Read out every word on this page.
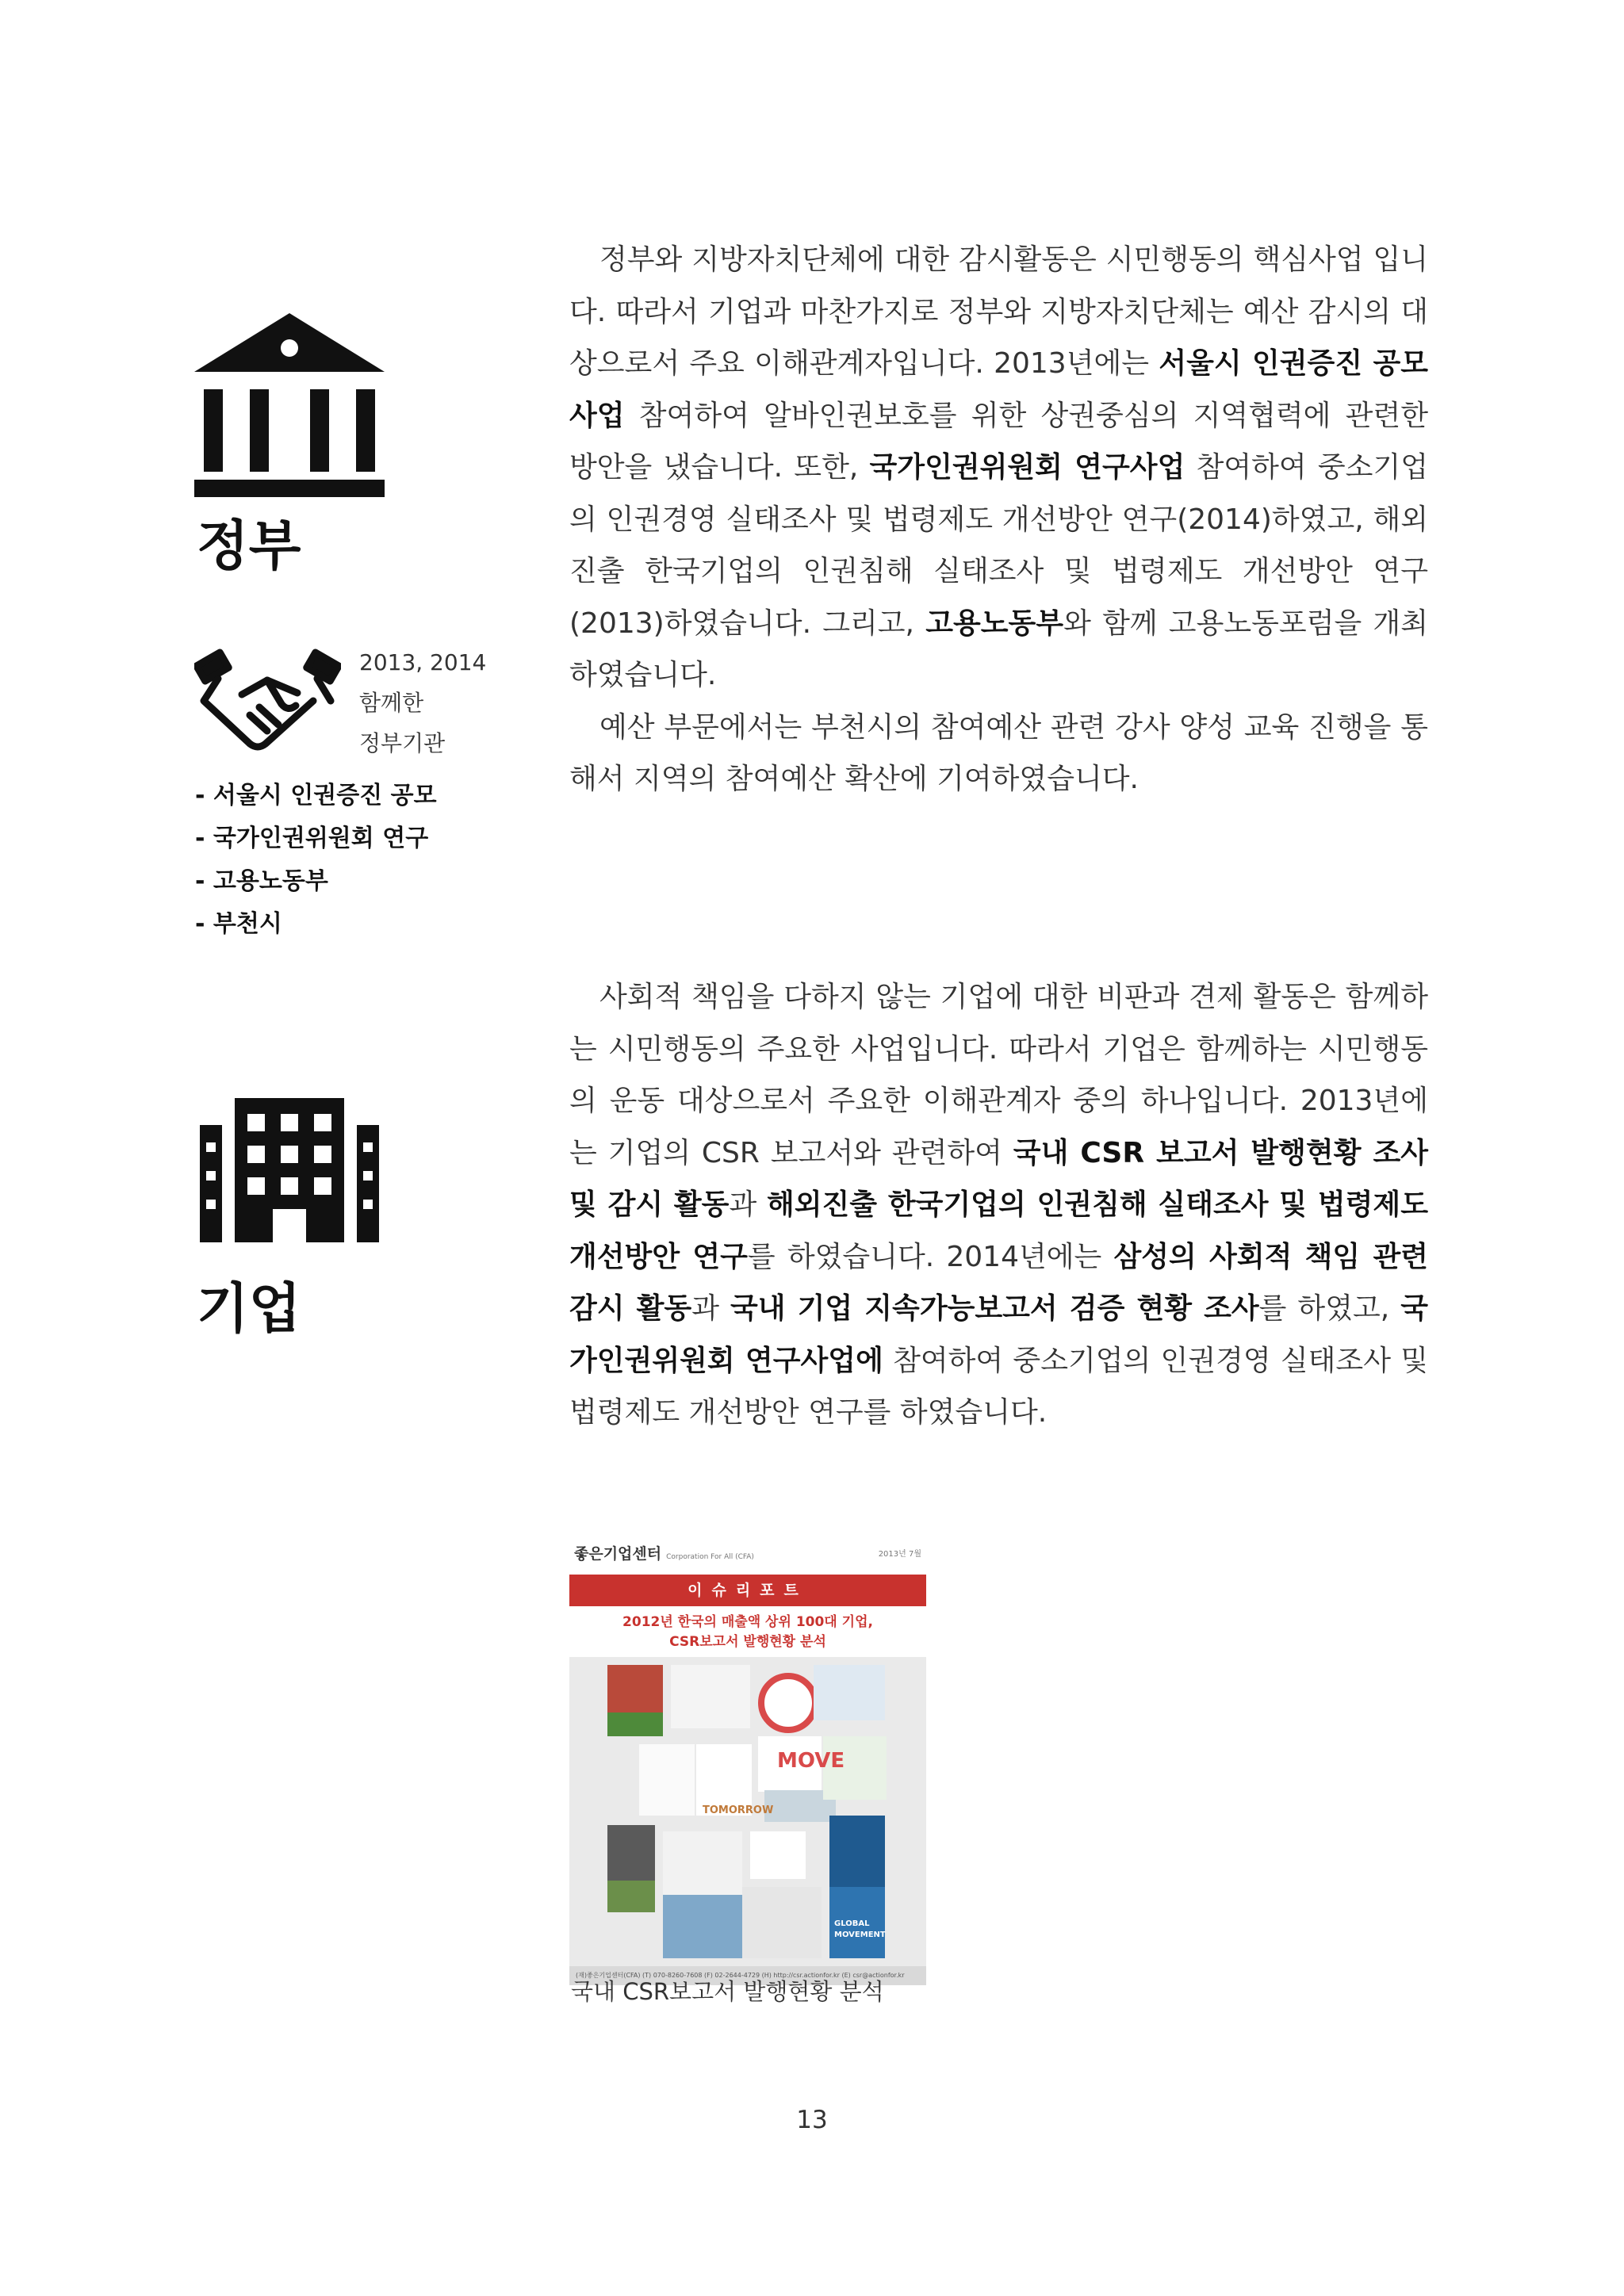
정부
2013, 2014
함께한
정부기관
- 서울시 인권증진 공모
- 국가인권위원회 연구
- 고용노동부
- 부천시

정부와 지방자치단체에 대한 감시활동은 시민행동의 핵심사업 입니다. 따라서 기업과 마찬가지로 정부와 지방자치단체는 예산 감시의 대상으로서 주요 이해관계자입니다. 2013년에는 서울시 인권증진 공모사업 참여하여 알바인권보호를 위한 상권중심의 지역협력에 관련한 방안을 냈습니다. 또한, 국가인권위원회 연구사업 참여하여 중소기업의 인권경영 실태조사 및 법령제도 개선방안 연구(2014)하였고, 해외진출 한국기업의 인권침해 실태조사 및 법령제도 개선방안 연구(2013)하였습니다. 그리고, 고용노동부와 함께 고용노동포럼을 개최하였습니다.

예산 부문에서는 부천시의 참여예산 관련 강사 양성 교육 진행을 통해서 지역의 참여예산 확산에 기여하였습니다.

기업

사회적 책임을 다하지 않는 기업에 대한 비판과 견제 활동은 함께하는 시민행동의 주요한 사업입니다. 따라서 기업은 함께하는 시민행동의 운동 대상으로서 주요한 이해관계자 중의 하나입니다. 2013년에는 기업의 CSR 보고서와 관련하여 국내 CSR 보고서 발행현황 조사 및 감시 활동과 해외진출 한국기업의 인권침해 실태조사 및 법령제도 개선방안 연구를 하였습니다. 2014년에는 삼성의 사회적 책임 관련 감시 활동과 국내 기업 지속가능보고서 검증 현황 조사를 하였고, 국가인권위원회 연구사업에 참여하여 중소기업의 인권경영 실태조사 및 법령제도 개선방안 연구를 하였습니다.

좋은기업센터 Corporation For All (CFA)	2013년 7월
이슈리포트
2012년 한국의 매출액 상위 100대 기업,
CSR보고서 발행현황 분석
MOVE
TOMORROW
GLOBAL MOVEMENT
(재)좋은기업센터(CFA) (T) 070-8260-7608 (F) 02-2644-4729 (H) http://csr.actionfor.kr (E) csr@actionfor.kr
국내 CSR보고서 발행현황 분석
13
